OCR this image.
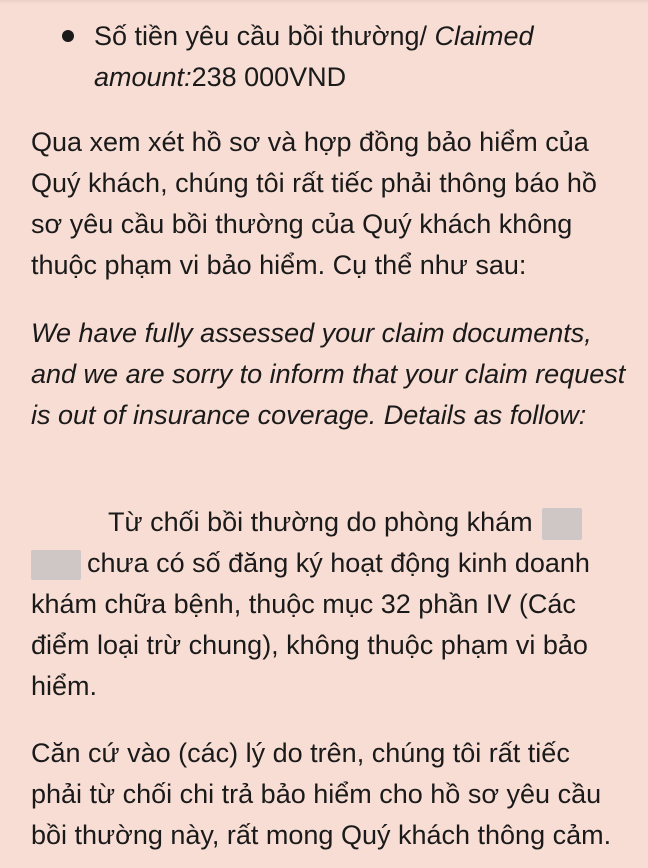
Số tiền yêu cầu bồi thường/ Claimed amount:238 000VND

Qua xem xét hồ sơ và hợp đồng bảo hiểm của Quý khách, chúng tôi rất tiếc phải thông báo hồ sơ yêu cầu bồi thường của Quý khách không thuộc phạm vi bảo hiểm. Cụ thể như sau:

We have fully assessed your claim documents, and we are sorry to inform that your claim request is out of insurance coverage. Details as follow:

Từ chối bồi thường do phòng khám  chưa có số đăng ký hoạt động kinh doanh khám chữa bệnh, thuộc mục 32 phần IV (Các điểm loại trừ chung), không thuộc phạm vi bảo hiểm.

Căn cứ vào (các) lý do trên, chúng tôi rất tiếc phải từ chối chi trả bảo hiểm cho hồ sơ yêu cầu bồi thường này, rất mong Quý khách thông cảm.
